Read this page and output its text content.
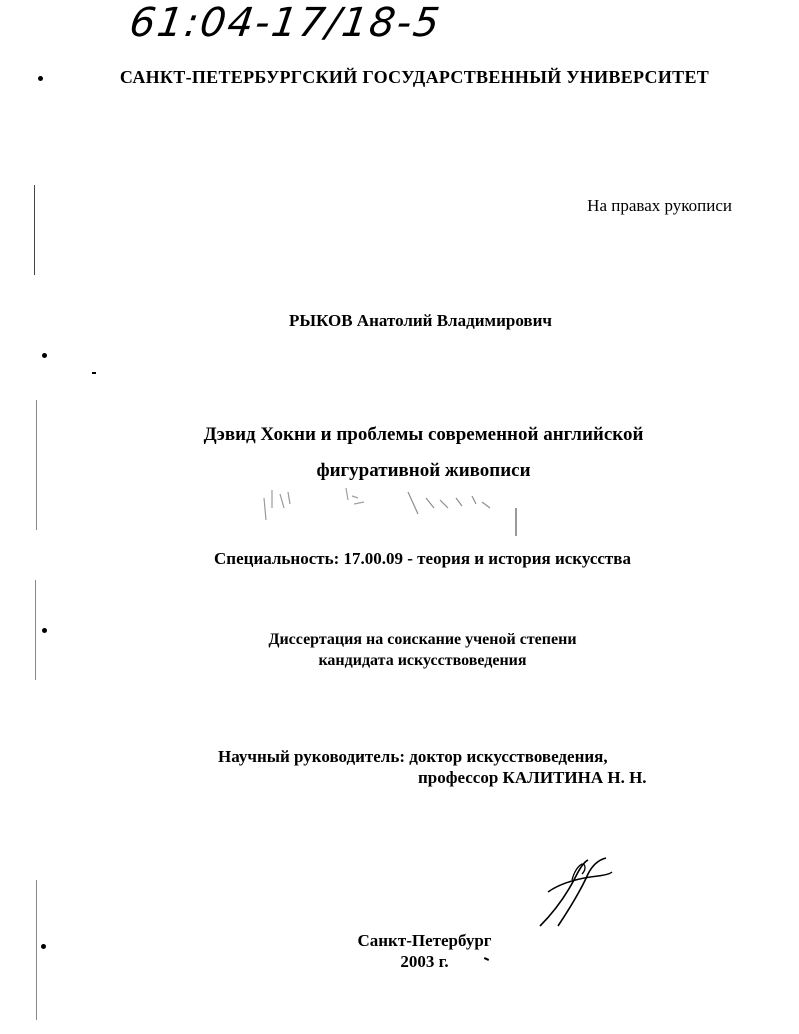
61:04-17/18-5
САНКТ-ПЕТЕРБУРГСКИЙ ГОСУДАРСТВЕННЫЙ УНИВЕРСИТЕТ
На правах рукописи
РЫКОВ Анатолий Владимирович
Дэвид Хокни и проблемы современной английской
фигуративной живописи
Специальность: 17.00.09 - теория и история искусства
Диссертация на соискание ученой степени
кандидата искусствоведения
Научный руководитель: доктор искусствоведения,
профессор КАЛИТИНА Н. Н.
Санкт-Петербург
2003 г.
